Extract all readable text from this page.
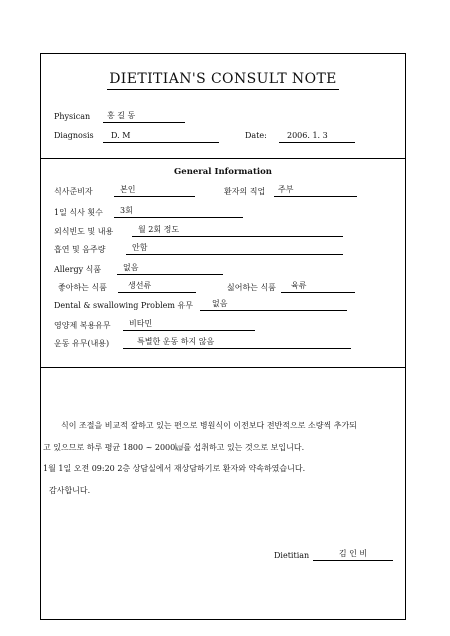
DIETITIAN'S CONSULT NOTE
Physican	홍 길 동
Diagnosis	D. M	Date:	2006. 1. 3
General Information
식사준비자	본인	환자의 직업	주부
1일 식사 횟수	3회
외식빈도 및 내용	월 2회 정도
흡연 및 음주량	안함
Allergy 식품	없음
좋아하는 식품	생선류	싫어하는 식품	육류
Dental & swallowing Problem 유무	없음
영양제 복용유무	비타민
운동 유무(내용)	특별한 운동 하지 않음
식이 조절을 비교적 잘하고 있는 편으로 병원식이 이전보다 전반적으로 소량씩 추가되
고 있으므로 하루 평균 1800 ~ 2000㎉를 섭취하고 있는 것으로 보입니다.
1월 1일 오전 09:20 2층 상담실에서 재상담하기로 환자와 약속하였습니다.
감사합니다.
Dietitian	김 인 비
